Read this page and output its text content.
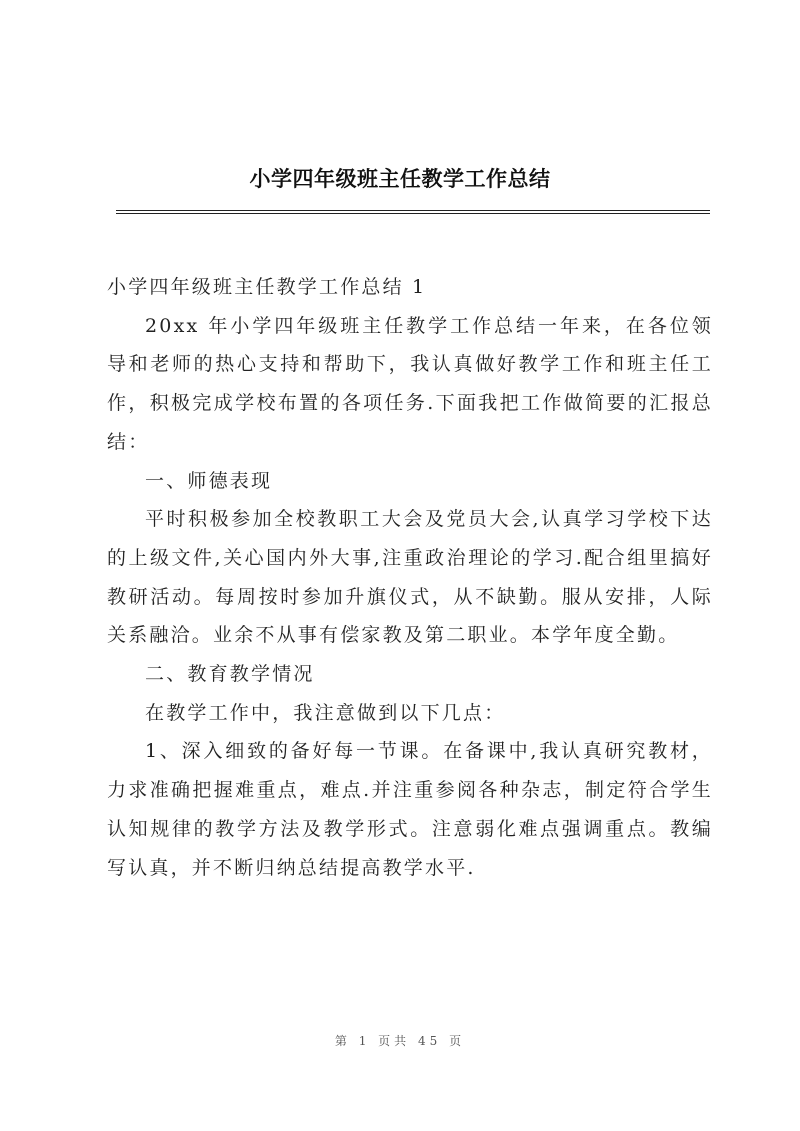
小学四年级班主任教学工作总结

小学四年级班主任教学工作总结 1

20xx 年小学四年级班主任教学工作总结一年来，在各位领导和老师的热心支持和帮助下，我认真做好教学工作和班主任工作，积极完成学校布置的各项任务.下面我把工作做简要的汇报总结：

一、师德表现

平时积极参加全校教职工大会及党员大会,认真学习学校下达的上级文件,关心国内外大事,注重政治理论的学习.配合组里搞好教研活动。每周按时参加升旗仪式，从不缺勤。服从安排，人际关系融洽。业余不从事有偿家教及第二职业。本学年度全勤。

二、教育教学情况

在教学工作中，我注意做到以下几点：

1、深入细致的备好每一节课。在备课中,我认真研究教材，力求准确把握难重点，难点.并注重参阅各种杂志，制定符合学生认知规律的教学方法及教学形式。注意弱化难点强调重点。教编写认真，并不断归纳总结提高教学水平.

第 1 页共 45 页
